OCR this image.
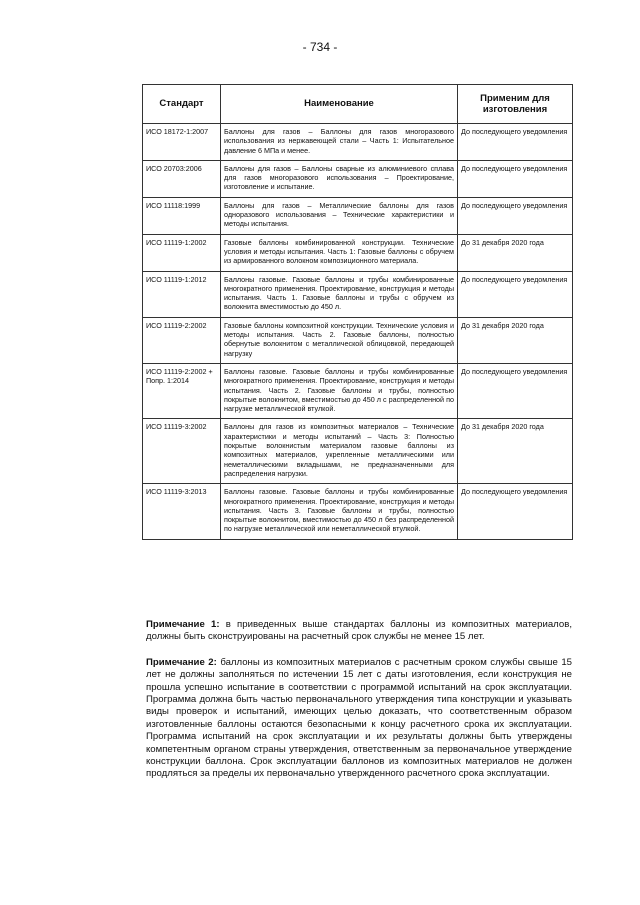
- 734 -
Стандарт	Наименование	Применим для изготовления
ИСО 18172-1:2007	Баллоны для газов – Баллоны для газов многоразового использования из нержавеющей стали – Часть 1: Испытательное давление 6 МПа и менее.	До последующего уведомления
ИСО 20703:2006	Баллоны для газов – Баллоны сварные из алюминиевого сплава для газов многоразового использования – Проектирование, изготовление и испытание.	До последующего уведомления
ИСО 11118:1999	Баллоны для газов – Металлические баллоны для газов одноразового использования – Технические характеристики и методы испытания.	До последующего уведомления
ИСО 11119-1:2002	Газовые баллоны комбинированной конструкции. Технические условия и методы испытания. Часть 1: Газовые баллоны с обручем из армированного волокном композиционного материала.	До 31 декабря 2020 года
ИСО 11119-1:2012	Баллоны газовые. Газовые баллоны и трубы комбинированные многократного применения. Проектирование, конструкция и методы испытания. Часть 1. Газовые баллоны и трубы с обручем из волокнита вместимостью до 450 л.	До последующего уведомления
ИСО 11119-2:2002	Газовые баллоны композитной конструкции. Технические условия и методы испытания. Часть 2. Газовые баллоны, полностью обернутые волокнитом с металлической облицовкой, передающей нагрузку	До 31 декабря 2020 года
ИСО 11119-2:2002 + Попр. 1:2014	Баллоны газовые. Газовые баллоны и трубы комбинированные многократного применения. Проектирование, конструкция и методы испытания. Часть 2. Газовые баллоны и трубы, полностью покрытые волокнитом, вместимостью до 450 л с распределенной по нагрузке металлической втулкой.	До последующего уведомления
ИСО 11119-3:2002	Баллоны для газов из композитных материалов – Технические характеристики и методы испытаний – Часть 3: Полностью покрытые волокнистым материалом газовые баллоны из композитных материалов, укрепленные металлическими или неметаллическими вкладышами, не предназначенными для распределения нагрузки.	До 31 декабря 2020 года
ИСО 11119-3:2013	Баллоны газовые. Газовые баллоны и трубы комбинированные многократного применения. Проектирование, конструкция и методы испытания. Часть 3. Газовые баллоны и трубы, полностью покрытые волокнитом, вместимостью до 450 л без распределенной по нагрузке металлической или неметаллической втулкой.	До последующего уведомления

Примечание 1: в приведенных выше стандартах баллоны из композитных материалов, должны быть сконструированы на расчетный срок службы не менее 15 лет.

Примечание 2: баллоны из композитных материалов с расчетным сроком службы свыше 15 лет не должны заполняться по истечении 15 лет с даты изготовления, если конструкция не прошла успешно испытание в соответствии с программой испытаний на срок эксплуатации. Программа должна быть частью первоначального утверждения типа конструкции и указывать виды проверок и испытаний, имеющих целью доказать, что соответственным образом изготовленные баллоны остаются безопасными к концу расчетного срока их эксплуатации. Программа испытаний на срок эксплуатации и их результаты должны быть утверждены компетентным органом страны утверждения, ответственным за первоначальное утверждение конструкции баллона. Срок эксплуатации баллонов из композитных материалов не должен продляться за пределы их первоначально утвержденного расчетного срока эксплуатации.
